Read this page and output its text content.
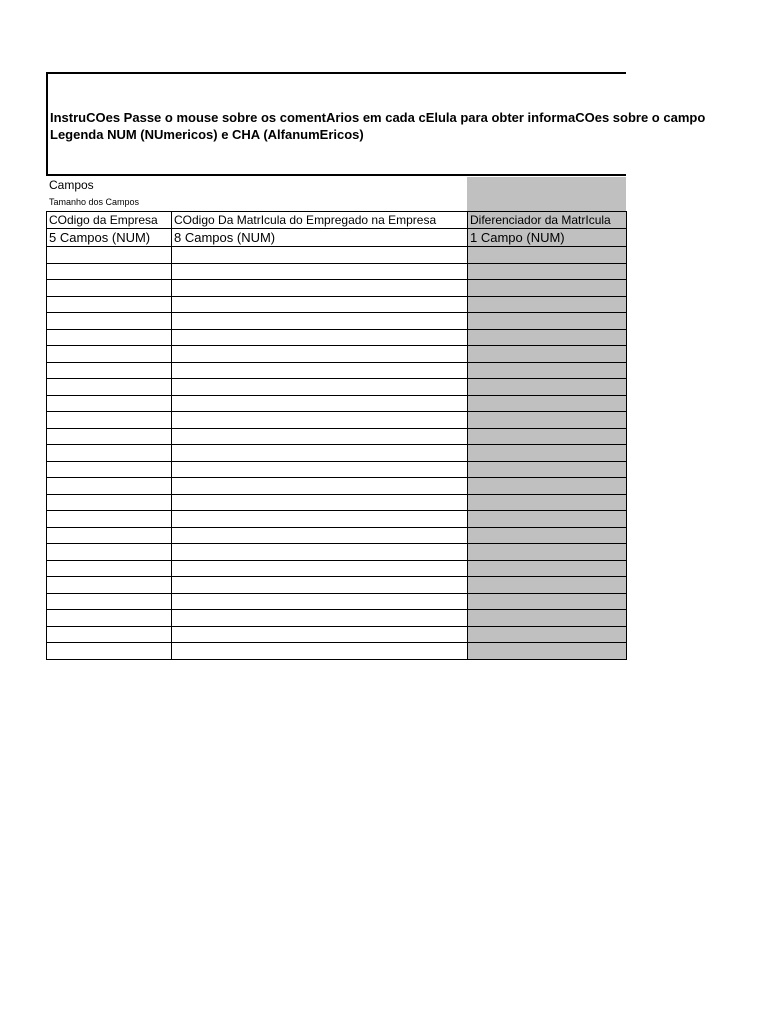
InstruCOes Passe o mouse sobre os comentArios em cada cElula para obter informaCOes sobre o campo
Legenda NUM (NUmericos) e CHA (AlfanumEricos)
Campos
Tamanho dos Campos
COdigo da Empresa	COdigo Da MatrIcula do Empregado na Empresa	Diferenciador da MatrIcula
5 Campos (NUM)	8 Campos (NUM)	1 Campo (NUM)
